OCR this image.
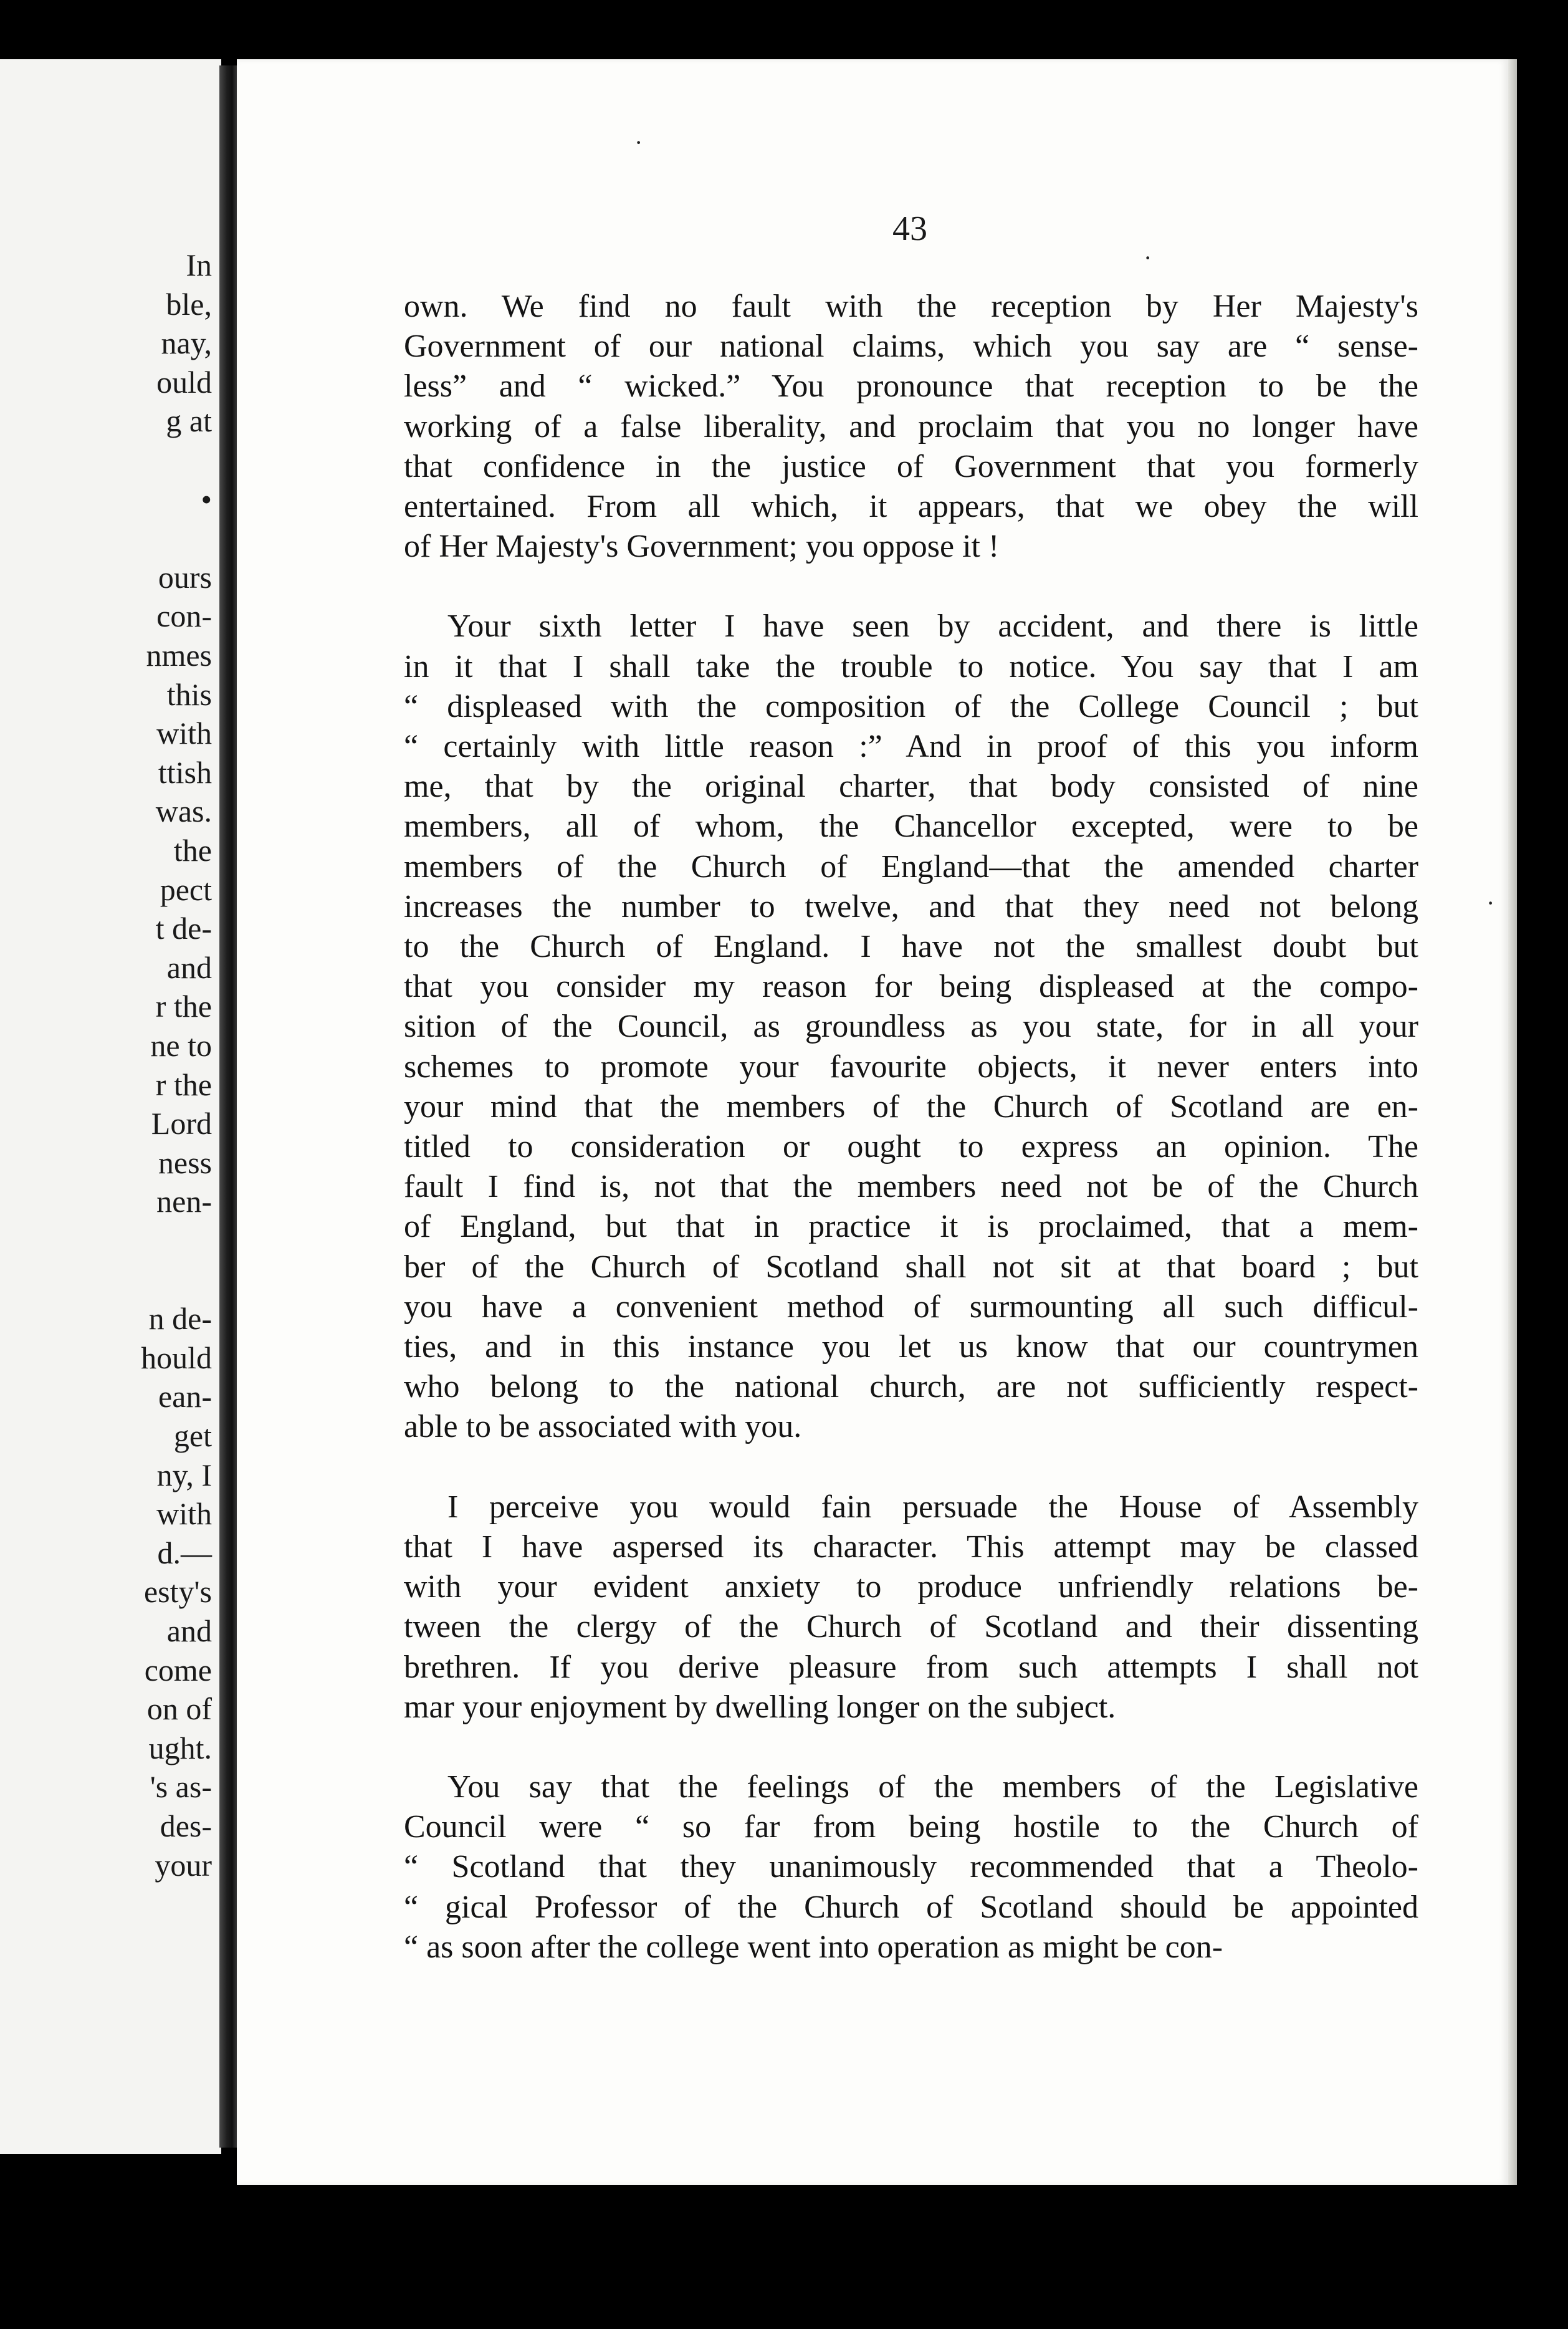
In
ble,
nay,
ould
g at
•
ours
con-
nmes
this
with
ttish
was.
the
pect
t de-
and
r the
ne to
r the
Lord
ness
nen-
n de-
hould
ean-
get
ny, I
with
d.—
esty's
and
come
on of
ught.
's as-
des-
your
43
own. We find no fault with the reception by Her Majesty's
Government of our national claims, which you say are “ sense-
less” and “ wicked.” You pronounce that reception to be the
working of a false liberality, and proclaim that you no longer have
that confidence in the justice of Government that you formerly
entertained. From all which, it appears, that we obey the will
of Her Majesty's Government; you oppose it !
Your sixth letter I have seen by accident, and there is little
in it that I shall take the trouble to notice. You say that I am
“ displeased with the composition of the College Council ; but
“ certainly with little reason :” And in proof of this you inform
me, that by the original charter, that body consisted of nine
members, all of whom, the Chancellor excepted, were to be
members of the Church of England—that the amended charter
increases the number to twelve, and that they need not belong
to the Church of England. I have not the smallest doubt but
that you consider my reason for being displeased at the compo-
sition of the Council, as groundless as you state, for in all your
schemes to promote your favourite objects, it never enters into
your mind that the members of the Church of Scotland are en-
titled to consideration or ought to express an opinion. The
fault I find is, not that the members need not be of the Church
of England, but that in practice it is proclaimed, that a mem-
ber of the Church of Scotland shall not sit at that board ; but
you have a convenient method of surmounting all such difficul-
ties, and in this instance you let us know that our countrymen
who belong to the national church, are not sufficiently respect-
able to be associated with you.
I perceive you would fain persuade the House of Assembly
that I have aspersed its character. This attempt may be classed
with your evident anxiety to produce unfriendly relations be-
tween the clergy of the Church of Scotland and their dissenting
brethren. If you derive pleasure from such attempts I shall not
mar your enjoyment by dwelling longer on the subject.
You say that the feelings of the members of the Legislative
Council were “ so far from being hostile to the Church of
“ Scotland that they unanimously recommended that a Theolo-
“ gical Professor of the Church of Scotland should be appointed
“ as soon after the college went into operation as might be con-
·
·
·
